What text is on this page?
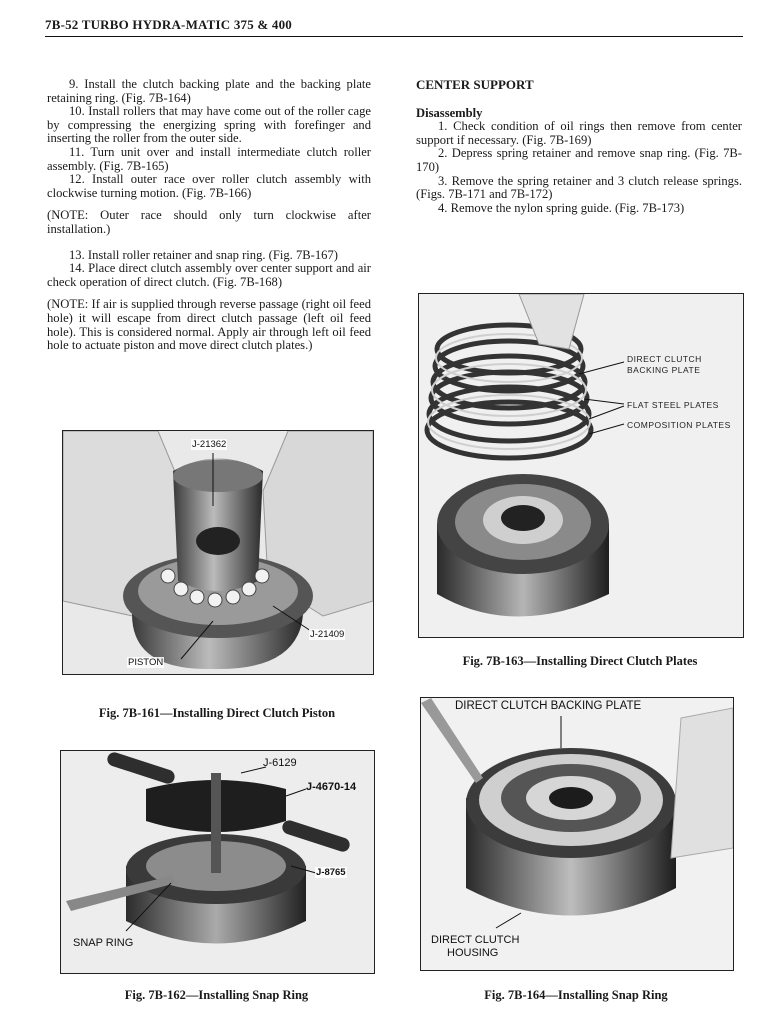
7B-52 TURBO HYDRA-MATIC 375 & 400

9. Install the clutch backing plate and the backing plate retaining ring. (Fig. 7B-164)

10. Install rollers that may have come out of the roller cage by compressing the energizing spring with forefinger and inserting the roller from the outer side.

11. Turn unit over and install intermediate clutch roller assembly. (Fig. 7B-165)

12. Install outer race over roller clutch assembly with clockwise turning motion. (Fig. 7B-166)

(NOTE: Outer race should only turn clockwise after installation.)

13. Install roller retainer and snap ring. (Fig. 7B-167)

14. Place direct clutch assembly over center support and air check operation of direct clutch. (Fig. 7B-168)

(NOTE: If air is supplied through reverse passage (right oil feed hole) it will escape from direct clutch passage (left oil feed hole). This is considered normal. Apply air through left oil feed hole to actuate piston and move direct clutch plates.)

CENTER SUPPORT

Disassembly

1. Check condition of oil rings then remove from center support if necessary. (Fig. 7B-169)

2. Depress spring retainer and remove snap ring. (Fig. 7B-170)

3. Remove the spring retainer and 3 clutch release springs. (Figs. 7B-171 and 7B-172)

4. Remove the nylon spring guide. (Fig. 7B-173)

J-21362
J-21409
PISTON
Fig. 7B-161—Installing Direct Clutch Piston
J-6129
J-4670-14
J-8765
SNAP RING
Fig. 7B-162—Installing Snap Ring
DIRECT CLUTCH
BACKING PLATE
FLAT STEEL PLATES
COMPOSITION PLATES
Fig. 7B-163—Installing Direct Clutch Plates
DIRECT CLUTCH BACKING PLATE
DIRECT CLUTCH
HOUSING
Fig. 7B-164—Installing Snap Ring
